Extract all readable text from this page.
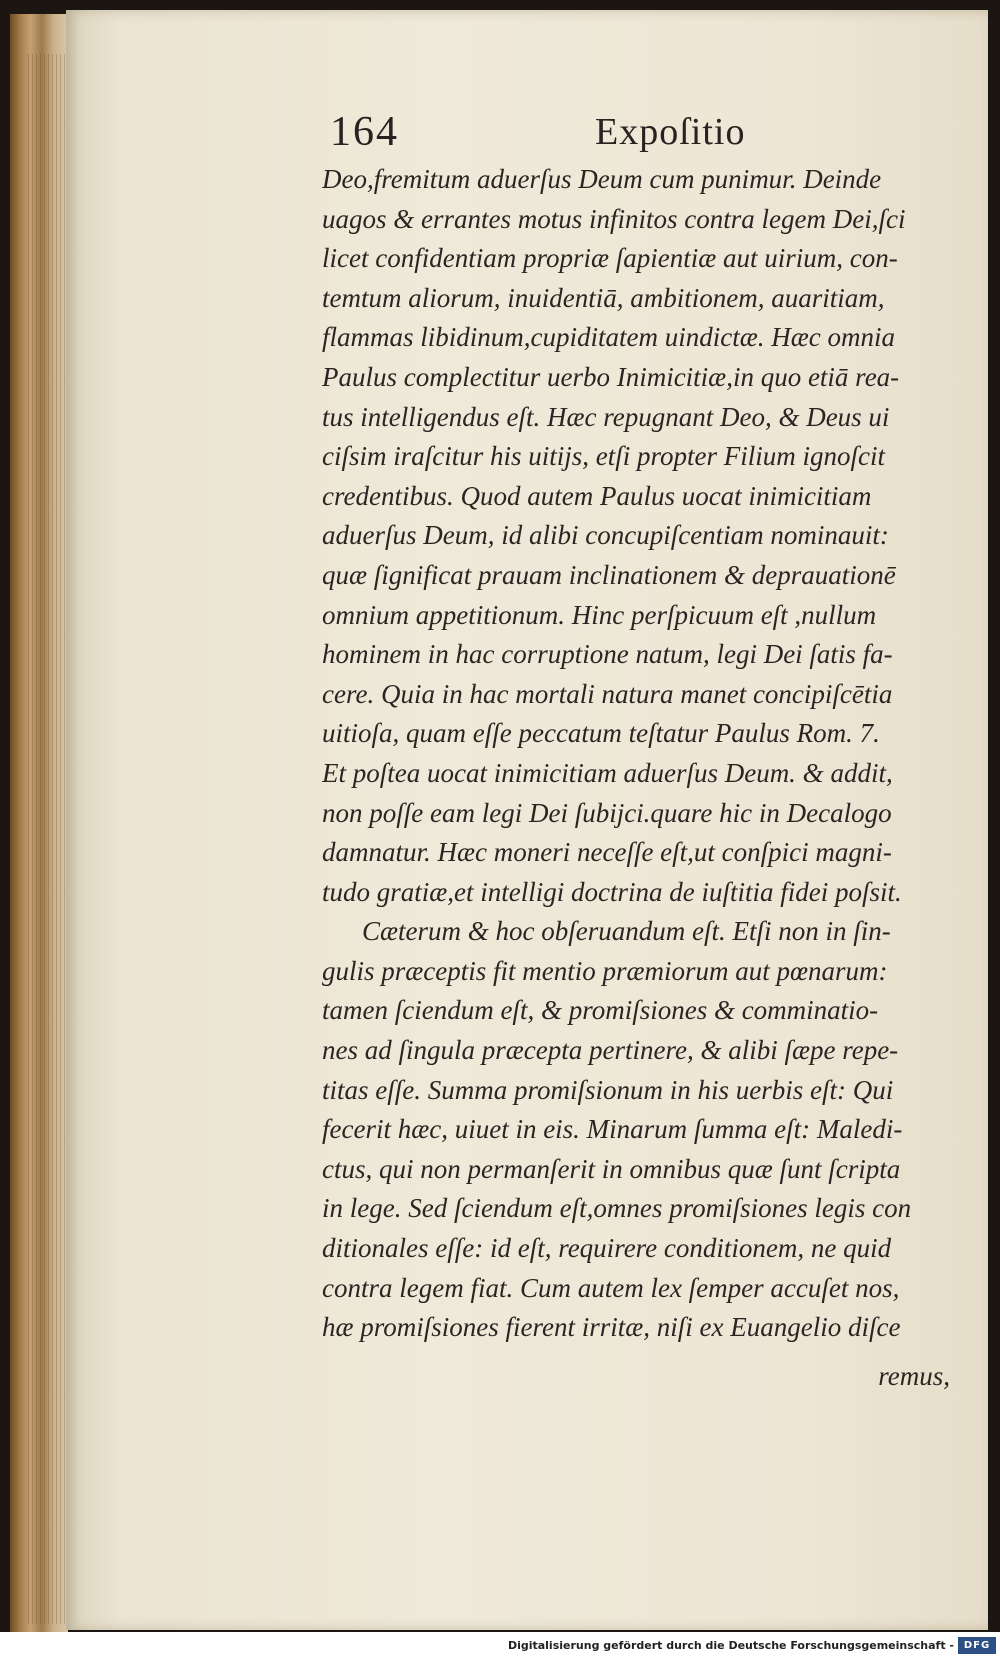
164	Expoſitio
Deo,fremitum aduerſus Deum cum punimur. Deinde
uagos & errantes motus infinitos contra legem Dei,ſci
licet confidentiam propriæ ſapientiæ aut uirium, con-
temtum aliorum, inuidentiā, ambitionem, auaritiam,
flammas libidinum,cupiditatem uindictæ. Hæc omnia
Paulus complectitur uerbo Inimicitiæ,in quo etiā rea-
tus intelligendus eſt. Hæc repugnant Deo, & Deus ui
ciſsim iraſcitur his uitijs, etſi propter Filium ignoſcit
credentibus. Quod autem Paulus uocat inimicitiam
aduerſus Deum, id alibi concupiſcentiam nominauit:
quæ ſignificat prauam inclinationem & deprauationē
omnium appetitionum. Hinc perſpicuum eſt ,nullum
hominem in hac corruptione natum, legi Dei ſatis fa-
cere. Quia in hac mortali natura manet concipiſcētia
uitioſa, quam eſſe peccatum teſtatur Paulus Rom. 7.
Et poſtea uocat inimicitiam aduerſus Deum. & addit,
non poſſe eam legi Dei ſubijci.quare hic in Decalogo
damnatur. Hæc moneri neceſſe eſt,ut conſpici magni-
tudo gratiæ,et intelligi doctrina de iuſtitia fidei poſsit.
Cæterum & hoc obſeruandum eſt. Etſi non in ſin-
gulis præceptis fit mentio præmiorum aut pœnarum:
tamen ſciendum eſt, & promiſsiones & comminatio-
nes ad ſingula præcepta pertinere, & alibi ſæpe repe-
titas eſſe. Summa promiſsionum in his uerbis eſt: Qui
fecerit hæc, uiuet in eis. Minarum ſumma eſt: Maledi-
ctus, qui non permanſerit in omnibus quæ ſunt ſcripta
in lege. Sed ſciendum eſt,omnes promiſsiones legis con
ditionales eſſe: id eſt, requirere conditionem, ne quid
contra legem fiat. Cum autem lex ſemper accuſet nos,
hæ promiſsiones fierent irritæ, niſi ex Euangelio diſce
remus,
Digitalisierung gefördert durch die Deutsche Forschungsgemeinschaft - DFG
